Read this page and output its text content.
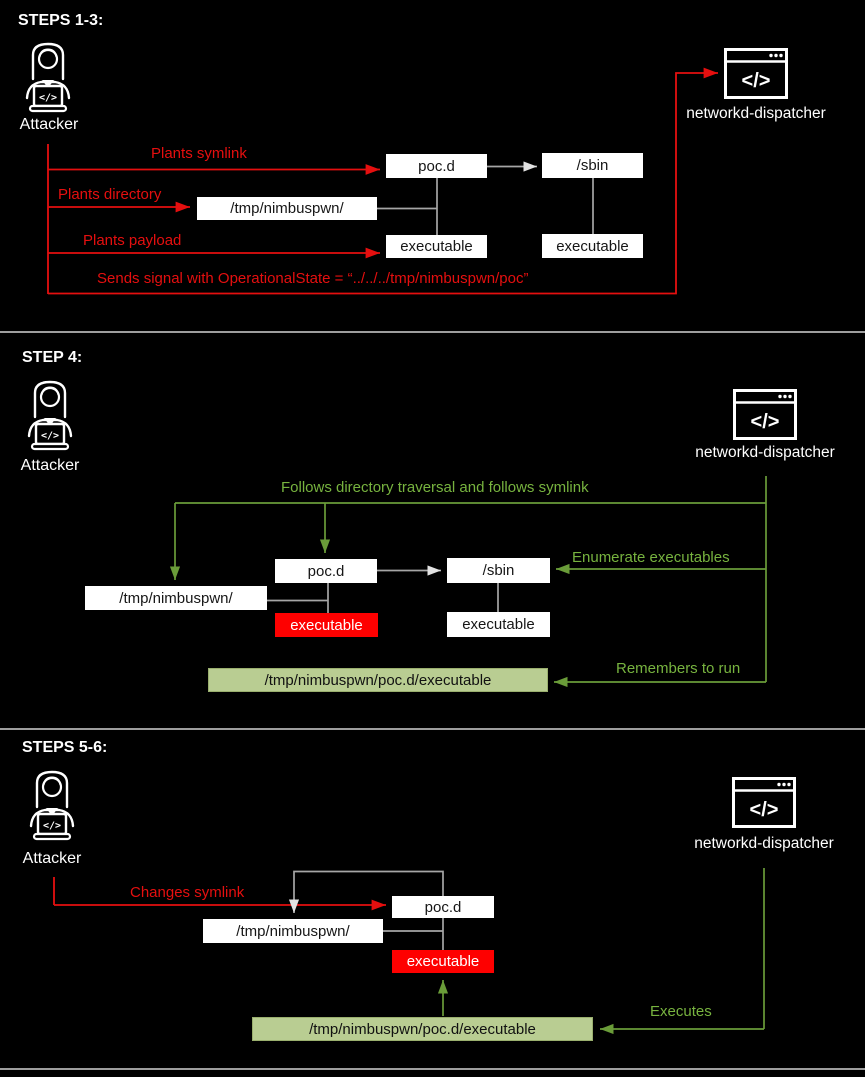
STEPS 1-3:
</>
Attacker
</>
networkd-dispatcher
Plants symlink
Plants directory
Plants payload
Sends signal with OperationalState = “../../../tmp/nimbuspwn/poc”
poc.d	/sbin
/tmp/nimbuspwn/
executable	executable
STEP 4:
</>
Attacker
</>
networkd-dispatcher
Follows directory traversal and follows symlink
Enumerate executables
Remembers to run
poc.d	/sbin
/tmp/nimbuspwn/
executable	executable
/tmp/nimbuspwn/poc.d/executable
STEPS 5-6:
</>
Attacker
</>
networkd-dispatcher
Changes symlink
Executes
poc.d
/tmp/nimbuspwn/
executable
/tmp/nimbuspwn/poc.d/executable
